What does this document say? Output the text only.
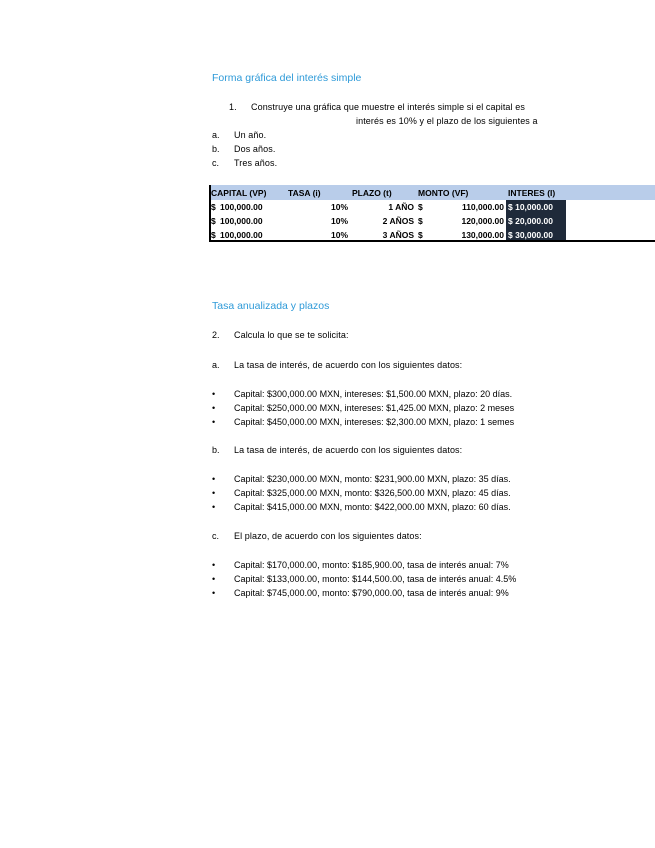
Forma gráfica del interés simple
1. Construye una gráfica que muestre el interés simple si el capital es
interés es 10% y el plazo de los siguientes a
a. Un año.
b. Dos años.
c. Tres años.
CAPITAL (VP)		TASA (i)	PLAZO (t)	MONTO (VF)		INTERES (I)	
$	100,000.00	10%	1 AÑO	$	110,000.00	$ 10,000.00	
$	100,000.00	10%	2 AÑOS	$	120,000.00	$ 20,000.00	
$	100,000.00	10%	3 AÑOS	$	130,000.00	$ 30,000.00	
Tasa anualizada y plazos
2. Calcula lo que se te solicita:
a. La tasa de interés, de acuerdo con los siguientes datos:
• Capital: $300,000.00 MXN, intereses: $1,500.00 MXN, plazo: 20 días.
• Capital: $250,000.00 MXN, intereses: $1,425.00 MXN, plazo: 2 meses
• Capital: $450,000.00 MXN, intereses: $2,300.00 MXN, plazo: 1 semes
b. La tasa de interés, de acuerdo con los siguientes datos:
• Capital: $230,000.00 MXN, monto: $231,900.00 MXN, plazo: 35 días.
• Capital: $325,000.00 MXN, monto: $326,500.00 MXN, plazo: 45 días.
• Capital: $415,000.00 MXN, monto: $422,000.00 MXN, plazo: 60 días.
c. El plazo, de acuerdo con los siguientes datos:
• Capital: $170,000.00, monto: $185,900.00, tasa de interés anual: 7%
• Capital: $133,000.00, monto: $144,500.00, tasa de interés anual: 4.5%
• Capital: $745,000.00, monto: $790,000.00, tasa de interés anual: 9%
